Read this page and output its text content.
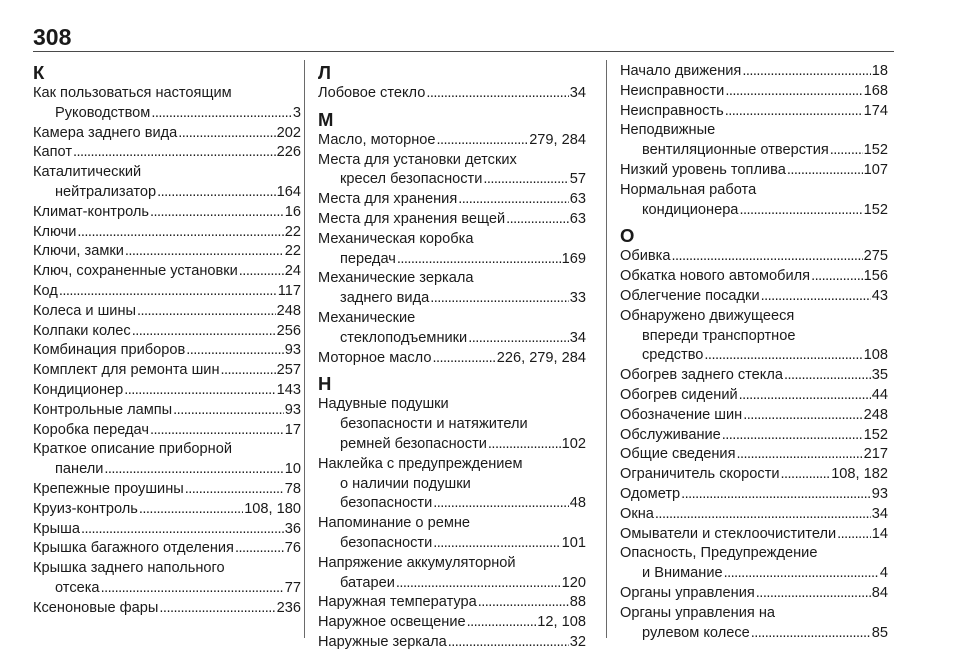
308
К
Как пользоваться настоящим
Руководством . . .	3
Камера заднего вида . . .	202
Капот . . .	226
Каталитический
нейтрализатор . . .	164
Климат-контроль . . .	16
Ключи . . .	22
Ключи, замки . . .	22
Ключ, сохраненные установки . . .	24
Код . . .	117
Колеса и шины . . .	248
Колпаки колес . . .	256
Комбинация приборов . . .	93
Комплект для ремонта шин . . .	257
Кондиционер . . .	143
Контрольные лампы . . .	93
Коробка передач . . .	17
Краткое описание приборной
панели . . .	10
Крепежные проушины . . .	78
Круиз-контроль . . .	108, 180
Крыша . . .	36
Крышка багажного отделения . . .	76
Крышка заднего напольного
отсека . . .	77
Ксеноновые фары . . .	236
Л
Лобовое стекло . . .	34
М
Масло, моторное . . .	279, 284
Места для установки детских
кресел безопасности . . .	57
Места для хранения . . .	63
Места для хранения вещей . . .	63
Механическая коробка
передач . . .	169
Механические зеркала
заднего вида . . .	33
Механические
стеклоподъемники . . .	34
Моторное масло . . .	226, 279, 284
Н
Надувные подушки
безопасности и натяжители
ремней безопасности . . .	102
Наклейка с предупреждением
о наличии подушки
безопасности . . .	48
Напоминание о ремне
безопасности . . .	101
Напряжение аккумуляторной
батареи . . .	120
Наружная температура . . .	88
Наружное освещение . . .	12, 108
Наружные зеркала . . .	32
Начало движения . . .	18
Неисправности . . .	168
Неисправность . . .	174
Неподвижные
вентиляционные отверстия . . . 152
Низкий уровень топлива . . .	107
Нормальная работа
кондиционера . . .	152
О
Обивка . . .	275
Обкатка нового автомобиля . . .	156
Облегчение посадки . . .	43
Обнаружено движущееся
впереди транспортное
средство . . .	108
Обогрев заднего стекла . . .	35
Обогрев сидений . . .	44
Обозначение шин . . .	248
Обслуживание . . .	152
Общие сведения . . .	217
Ограничитель скорости . . .	108, 182
Одометр . . .	93
Окна . . .	34
Омыватели и стеклоочистители . . . 14
Опасность, Предупреждение
и Внимание . . .	4
Органы управления . . .	84
Органы управления на
рулевом колесе . . .	85
